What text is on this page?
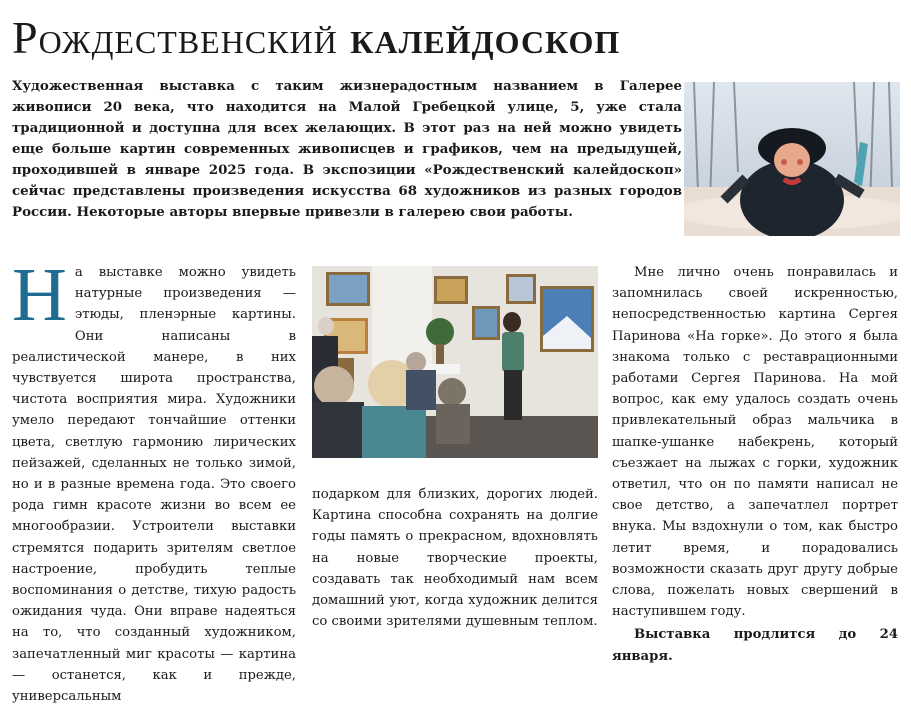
Рождественский калейдоскоп
Художественная выставка с таким жизнерадостным названием в Галерее живописи 20 века, что находится на Малой Гребецкой улице, 5, уже стала традиционной и доступна для всех желающих. В этот раз на ней можно увидеть еще больше картин современных живописцев и графиков, чем на предыдущей, проходившей в январе 2025 года. В экспозиции «Рождественский калейдоскоп» сейчас представлены произведения искусства 68 художников из разных городов России. Некоторые авторы впервые привезли в галерею свои работы.
На выставке можно увидеть натурные произведения — этюды, пленэрные картины. Они написаны в реалистической манере, в них чувствуется широта пространства, чистота восприятия мира. Художники умело передают тончайшие оттенки цвета, светлую гармонию лирических пейзажей, сделанных не только зимой, но и в разные времена года. Это своего рода гимн красоте жизни во всем ее многообразии. Устроители выставки стремятся подарить зрителям светлое настроение, пробудить теплые воспоминания о детстве, тихую радость ожидания чуда. Они вправе надеяться на то, что созданный художником, запечатленный миг красоты — картина — останется, как и прежде, универсальным

подарком для близких, дорогих людей. Картина способна сохранять на долгие годы память о прекрасном, вдохновлять на новые творческие проекты, создавать так необходимый нам всем домашний уют, когда художник делится со своими зрителями душевным теплом.

Мне лично очень понравилась и запомнилась своей искренностью, непосредственностью картина Сергея Паринова «На горке». До этого я была знакома только с реставрационными работами Сергея Паринова. На мой вопрос, как ему удалось создать очень привлекательный образ мальчика в шапке-ушанке набекрень, который съезжает на лыжах с горки, художник ответил, что он по памяти написал не свое детство, а запечатлел портрет внука. Мы вздохнули о том, как быстро летит время, и порадовались возможности сказать друг другу добрые слова, пожелать новых свершений в наступившем году.

Выставка продлится до 24 января.
